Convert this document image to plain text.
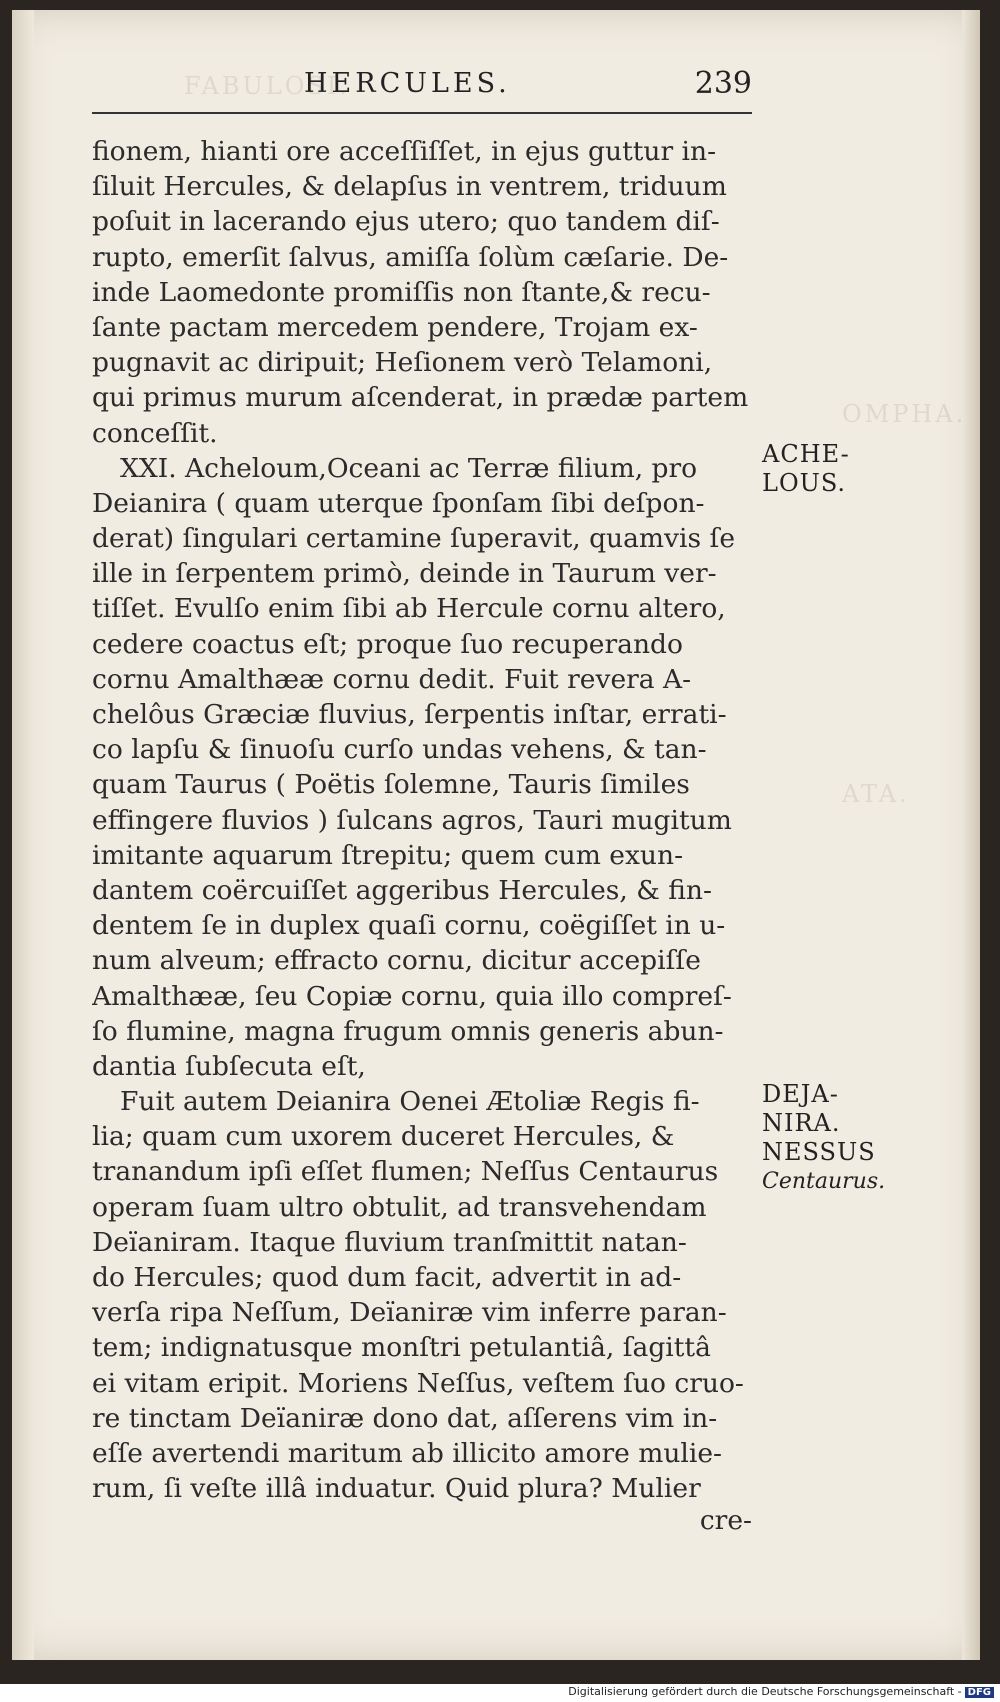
FABULOSI.
OMPHA.
ATA.
HERCULES.	239
fionem, hianti ore acceſſiſſet, in ejus guttur in-
ſiluit Hercules, & delapſus in ventrem, triduum
poſuit in lacerando ejus utero; quo tandem diſ-
rupto, emerſit ſalvus, amiſſa ſolùm cæſarie. De-
inde Laomedonte promiſſis non ſtante,& recu-
ſante pactam mercedem pendere, Trojam ex-
pugnavit ac diripuit; Heſionem verò Telamoni,
qui primus murum aſcenderat, in prædæ partem
conceſſit.
XXI. Acheloum,Oceani ac Terræ filium, pro
Deianira ( quam uterque ſponſam ſibi deſpon-
derat) ſingulari certamine ſuperavit, quamvis ſe
ille in ſerpentem primò, deinde in Taurum ver-
tiſſet. Evulſo enim ſibi ab Hercule cornu altero,
cedere coactus eſt; proque ſuo recuperando
cornu Amalthææ cornu dedit. Fuit revera A-
chelôus Græciæ fluvius, ſerpentis inſtar, errati-
co lapſu & ſinuoſu curſo undas vehens, & tan-
quam Taurus ( Poëtis ſolemne, Tauris ſimiles
effingere fluvios ) ſulcans agros, Tauri mugitum
imitante aquarum ſtrepitu; quem cum exun-
dantem coërcuiſſet aggeribus Hercules, & fin-
dentem ſe in duplex quaſi cornu, coëgiſſet in u-
num alveum; effracto cornu, dicitur accepiſſe
Amalthææ, ſeu Copiæ cornu, quia illo compreſ-
ſo flumine, magna frugum omnis generis abun-
dantia ſubſecuta eſt,
Fuit autem Deianira Oenei Ætoliæ Regis fi-
lia; quam cum uxorem duceret Hercules, &
tranandum ipſi eſſet flumen; Neſſus Centaurus
operam ſuam ultro obtulit, ad transvehendam
Deïaniram. Itaque fluvium tranſmittit natan-
do Hercules; quod dum facit, advertit in ad-
verſa ripa Neſſum, Deïaniræ vim inferre paran-
tem; indignatusque monſtri petulantiâ, ſagittâ
ei vitam eripit. Moriens Neſſus, veſtem ſuo cruo-
re tinctam Deïaniræ dono dat, aſſerens vim in-
eſſe avertendi maritum ab illicito amore mulie-
rum, ſi veſte illâ induatur. Quid plura? Mulier
cre-
ACHE-
LOUS.
DEJA-
NIRA.
NESSUS
Centaurus.
Digitalisierung gefördert durch die Deutsche Forschungsgemeinschaft - DFG
